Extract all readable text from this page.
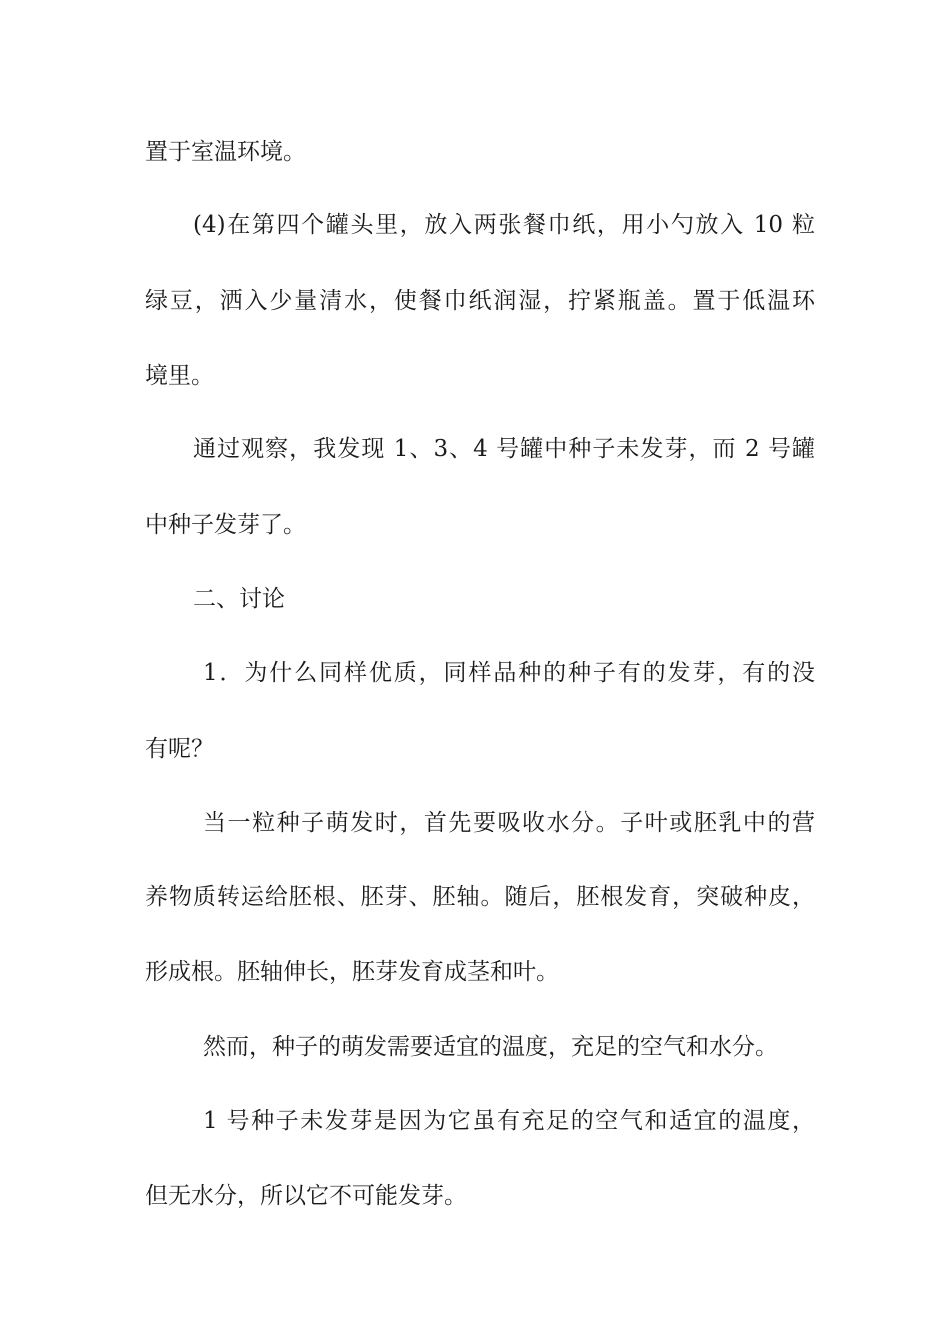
置于室温环境。

(4)在第四个罐头里，放入两张餐巾纸，用小勺放入 10 粒

绿豆，洒入少量清水，使餐巾纸润湿，拧紧瓶盖。置于低温环

境里。

通过观察，我发现 1、3、4 号罐中种子未发芽，而 2 号罐

中种子发芽了。

二、讨论

1．为什么同样优质，同样品种的种子有的发芽，有的没

有呢？

当一粒种子萌发时，首先要吸收水分。子叶或胚乳中的营

养物质转运给胚根、胚芽、胚轴。随后，胚根发育，突破种皮，

形成根。胚轴伸长，胚芽发育成茎和叶。

然而，种子的萌发需要适宜的温度，充足的空气和水分。

1 号种子未发芽是因为它虽有充足的空气和适宜的温度，

但无水分，所以它不可能发芽。
